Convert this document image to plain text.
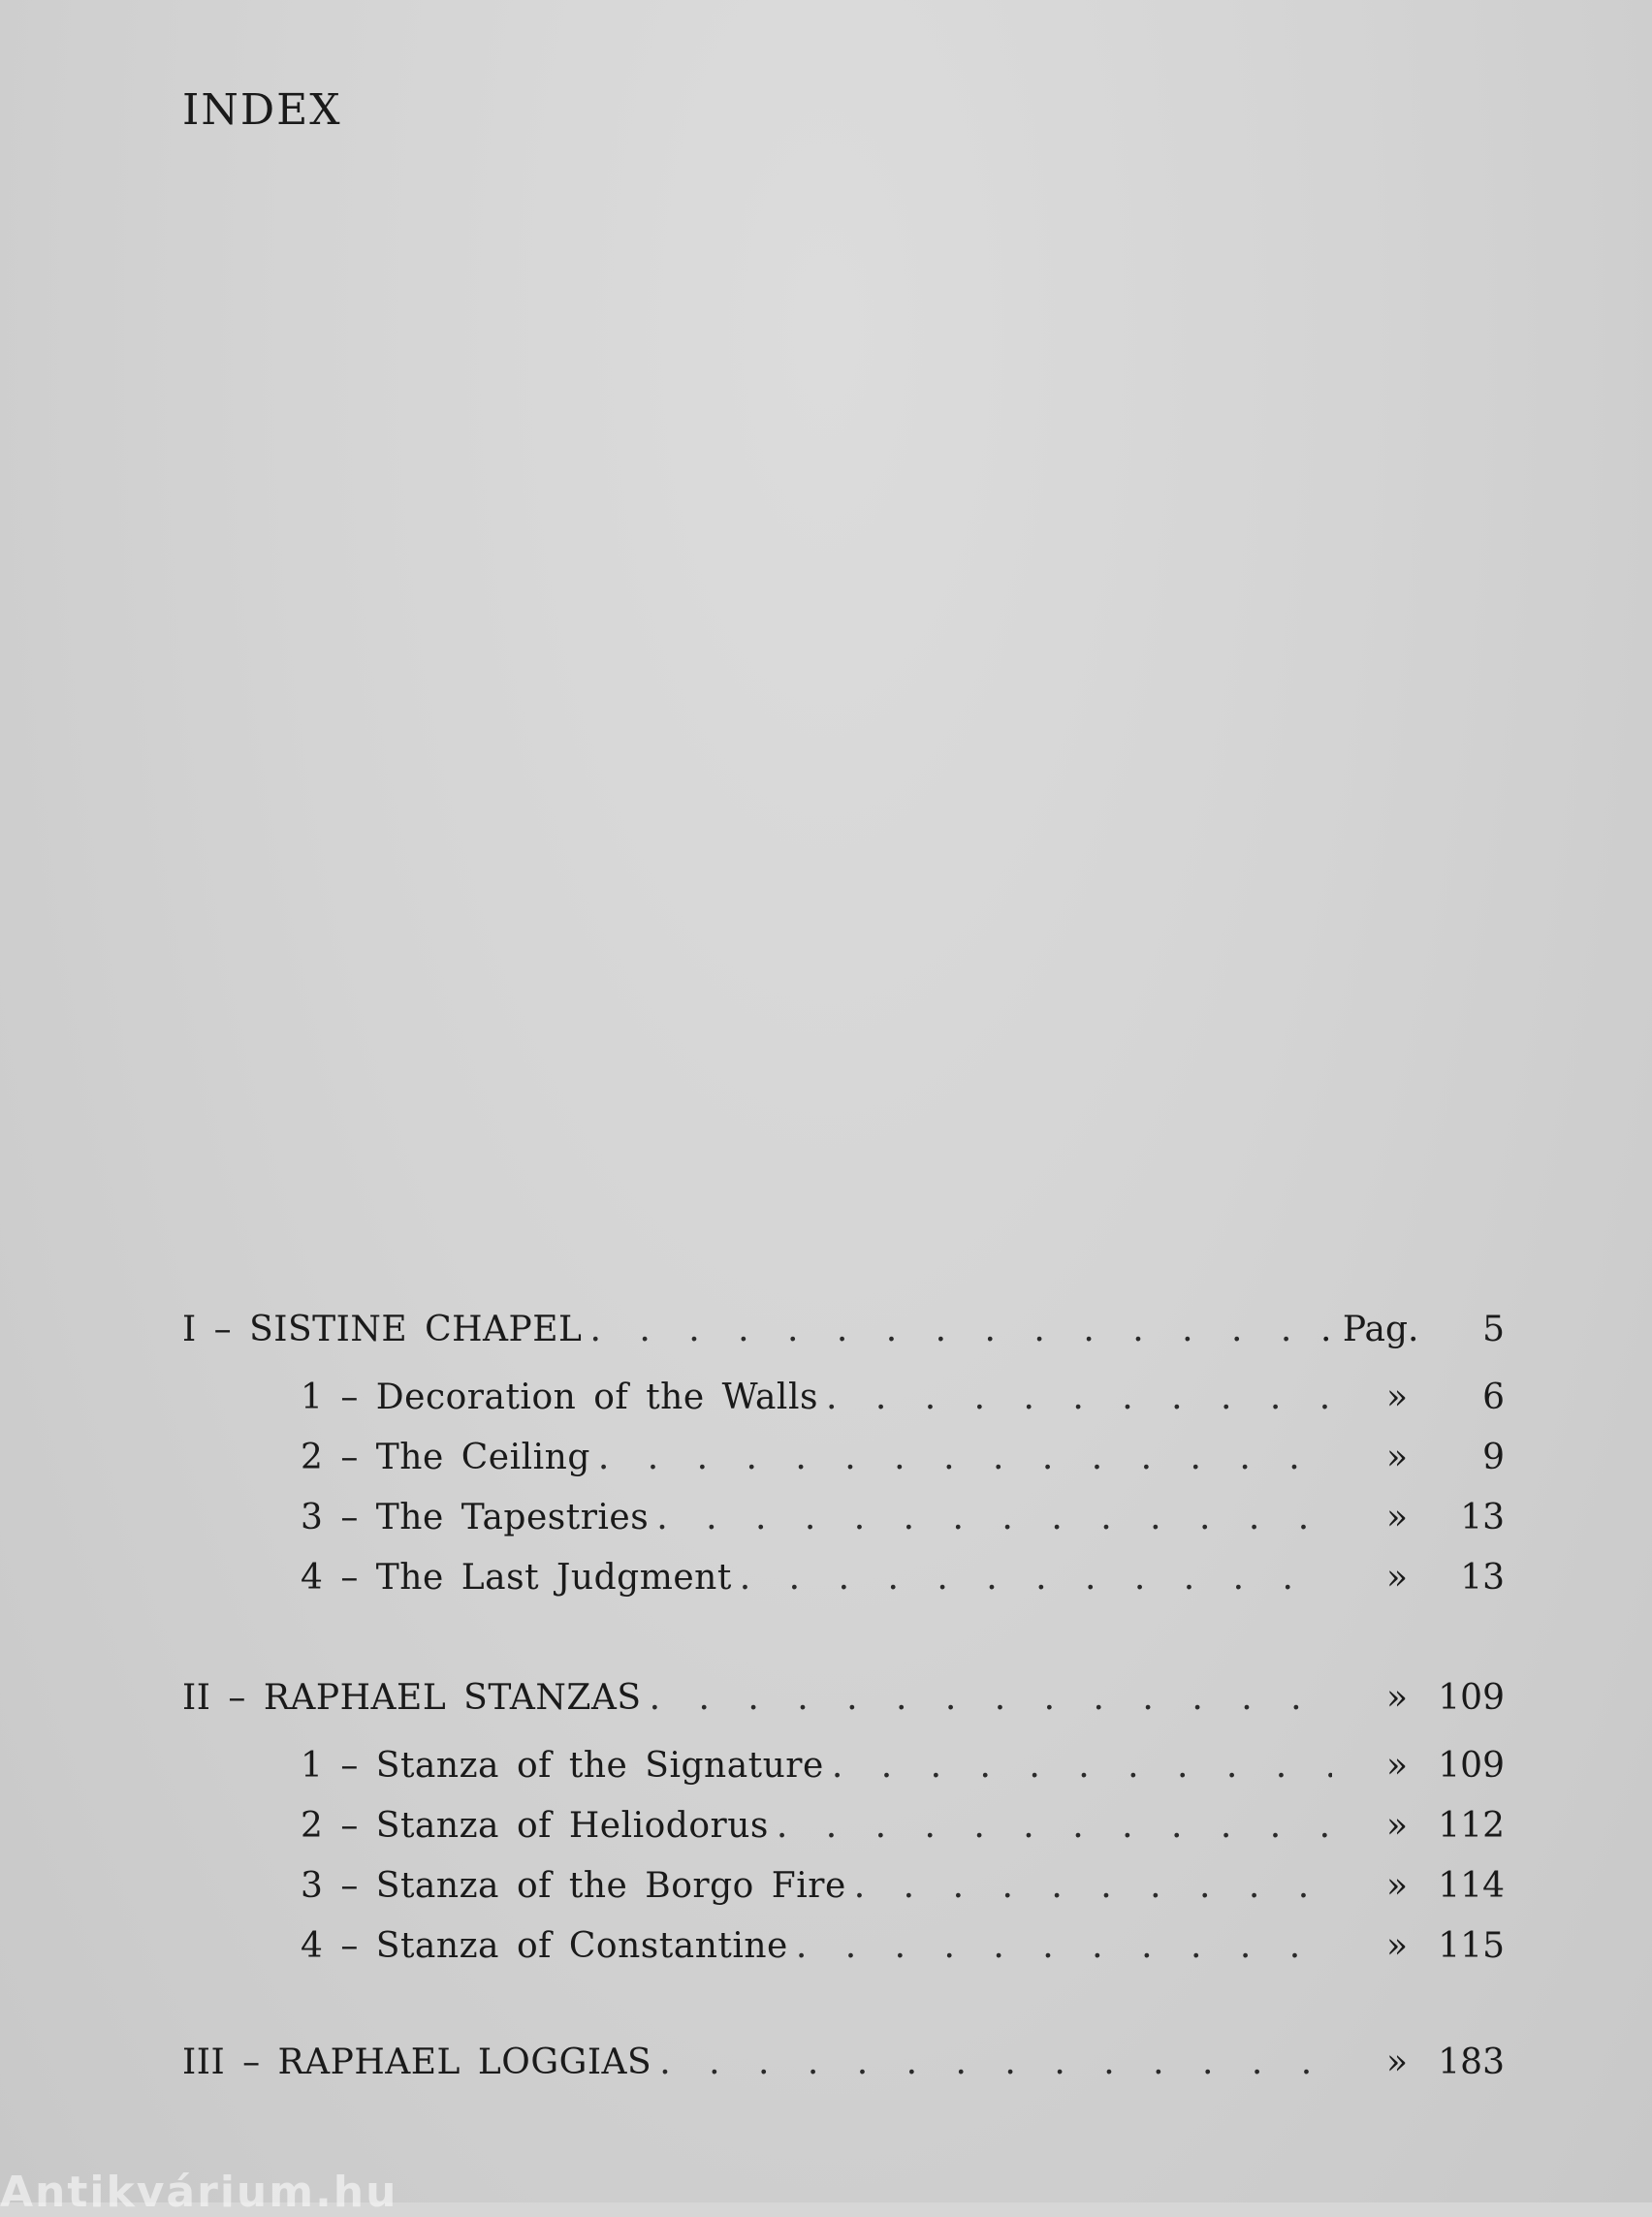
INDEX
I – SISTINE CHAPEL . . .	. Pag.	5
1 – Decoration of the Walls . . .	»	6
2 – The Ceiling . . .	»	9
3 – The Tapestries . . .	»	13
4 – The Last Judgment . . .	»	13
II – RAPHAEL STANZAS . . .	» 109
1 – Stanza of the Signature . . .	» 109
2 – Stanza of Heliodorus . . .	» 112
3 – Stanza of the Borgo Fire . . .	» 114
4 – Stanza of Constantine . . .	» 115
III – RAPHAEL LOGGIAS . . .	» 183
Antikvárium.hu
